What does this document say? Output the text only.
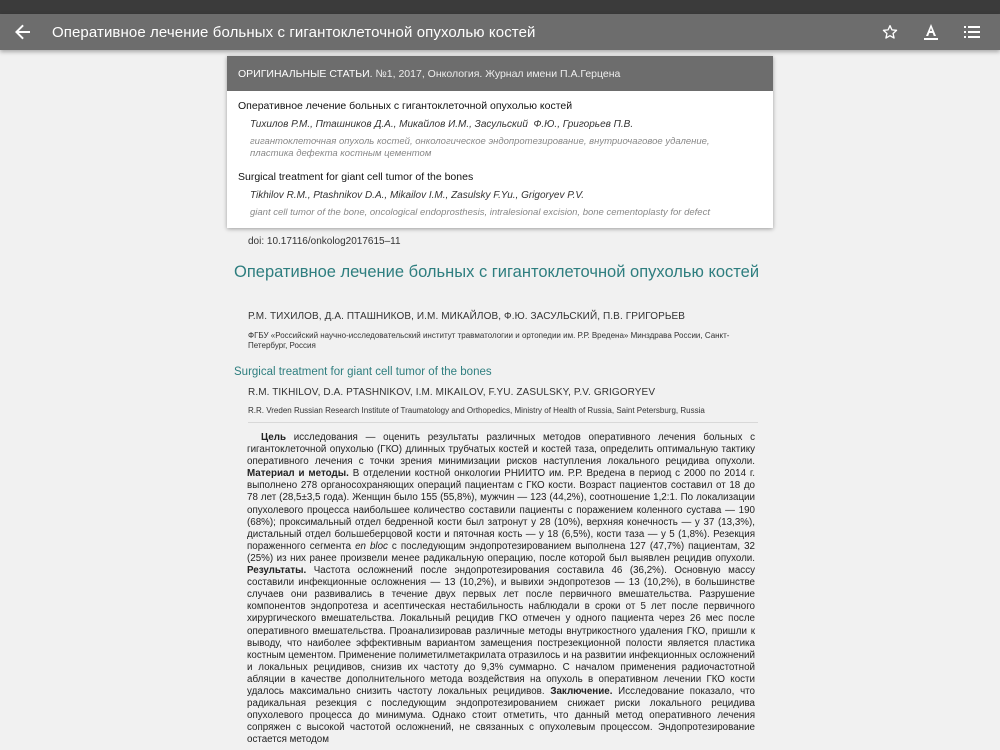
Оперативное лечение больных с гигантоклеточной опухолью костей
ОРИГИНАЛЬНЫЕ СТАТЬИ. №1, 2017, Онкология. Журнал имени П.А.Герцена
Оперативное лечение больных с гигантоклеточной опухолью костей
Тихилов Р.М., Пташников Д.А., Микайлов И.М., Засульский  Ф.Ю., Григорьев П.В.
гигантоклеточная опухоль костей, онкологическое эндопротезирование, внутриочаговое удаление,
пластика дефекта костным цементом
Surgical treatment for giant cell tumor of the bones
Tikhilov R.M., Ptashnikov D.A., Mikailov I.M., Zasulsky F.Yu., Grigoryev P.V.
giant cell tumor of the bone, oncological endoprosthesis, intralesional excision, bone cementoplasty for defect
doi: 10.17116/onkolog2017615–11
Оперативное лечение больных с гигантоклеточной опухолью костей
Р.М. ТИХИЛОВ, Д.А. ПТАШНИКОВ, И.М. МИКАЙЛОВ, Ф.Ю. ЗАСУЛЬСКИЙ, П.В. ГРИГОРЬЕВ
ФГБУ «Российский научно-исследовательский институт травматологии и ортопедии им. Р.Р. Вредена» Минздрава России, Санкт-Петербург, Россия
Surgical treatment for giant cell tumor of the bones
R.M. TIKHILOV, D.A. PTASHNIKOV, I.M. MIKAILOV, F.YU. ZASULSKY, P.V. GRIGORYEV
R.R. Vreden Russian Research Institute of Traumatology and Orthopedics, Ministry of Health of Russia, Saint Petersburg, Russia
Цель исследования — оценить результаты различных методов оперативного лечения больных с гигантоклеточной опухолью (ГКО) длинных трубчатых костей и костей таза, определить оптимальную тактику оперативного лечения с точки зрения минимизации рисков наступления локального рецидива опухоли. Материал и методы. В отделении костной онкологии РНИИТО им. Р.Р. Вредена в период с 2000 по 2014 г. выполнено 278 органосохраняющих операций пациентам с ГКО кости. Возраст пациентов составил от 18 до 78 лет (28,5±3,5 года). Женщин было 155 (55,8%), мужчин — 123 (44,2%), соотношение 1,2:1. По локализации опухолевого процесса наибольшее количество составили пациенты с поражением коленного сустава — 190 (68%); проксимальный отдел бедренной кости был затронут у 28 (10%), верхняя конечность — у 37 (13,3%), дистальный отдел большеберцовой кости и пяточная кость — у 18 (6,5%), кости таза — у 5 (1,8%). Резекция пораженного сегмента en bloc с последующим эндопротезированием выполнена 127 (47,7%) пациентам, 32 (25%) из них ранее произвели менее радикальную операцию, после которой был выявлен рецидив опухоли. Результаты. Частота осложнений после эндопротезирования составила 46 (36,2%). Основную массу составили инфекционные осложнения — 13 (10,2%), и вывихи эндопротезов — 13 (10,2%), в большинстве случаев они развивались в течение двух первых лет после первичного вмешательства. Разрушение компонентов эндопротеза и асептическая нестабильность наблюдали в сроки от 5 лет после первичного хирургического вмешательства. Локальный рецидив ГКО отмечен у одного пациента через 26 мес после оперативного вмешательства. Проанализировав различные методы внутрикостного удаления ГКО, пришли к выводу, что наиболее эффективным вариантом замещения пострезекционной полости является пластика костным цементом. Применение полиметилметакрилата отразилось и на развитии инфекционных осложнений и локальных рецидивов, снизив их частоту до 9,3% суммарно. С началом применения радиочастотной абляции в качестве дополнительного метода воздействия на опухоль в оперативном лечении ГКО кости удалось максимально снизить частоту локальных рецидивов. Заключение. Исследование показало, что радикальная резекция с последующим эндопротезированием снижает риски локального рецидива опухолевого процесса до минимума. Однако стоит отметить, что данный метод оперативного лечения сопряжен с высокой частотой осложнений, не связанных с опухолевым процессом. Эндопротезирование остается методом
